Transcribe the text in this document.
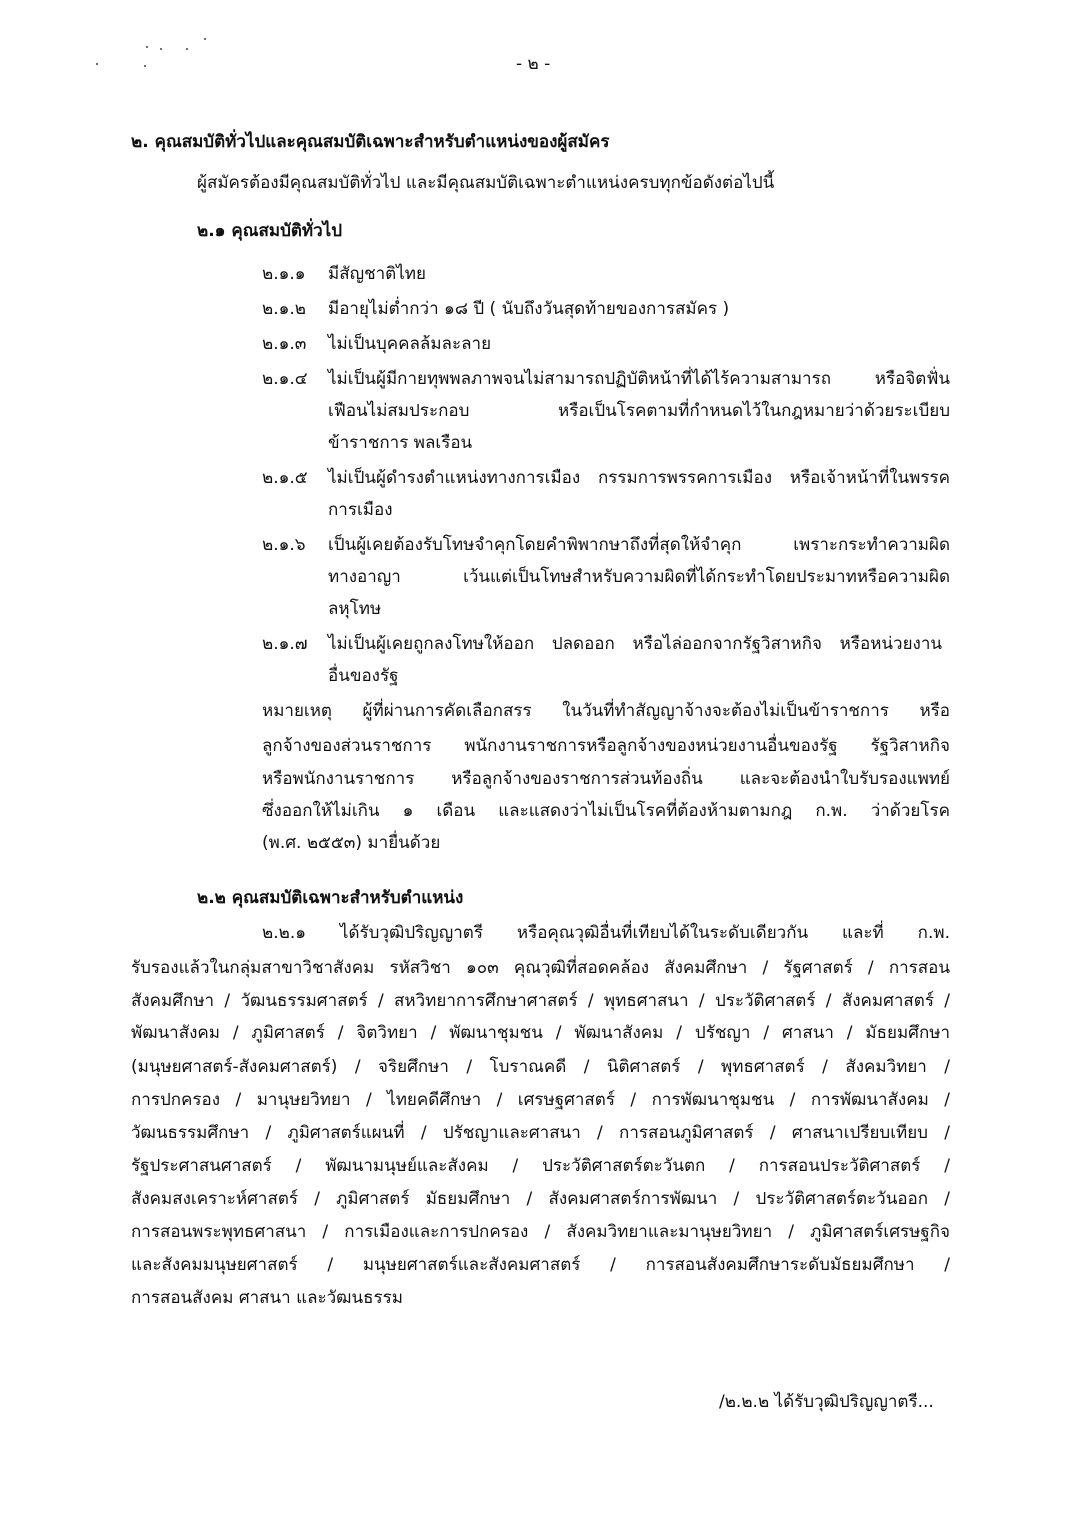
- ๒ -
๒. คุณสมบัติทั่วไปและคุณสมบัติเฉพาะสำหรับตำแหน่งของผู้สมัคร
ผู้สมัครต้องมีคุณสมบัติทั่วไป และมีคุณสมบัติเฉพาะตำแหน่งครบทุกข้อดังต่อไปนี้
๒.๑ คุณสมบัติทั่วไป
๒.๑.๑ มีสัญชาติไทย
๒.๑.๒ มีอายุไม่ต่ำกว่า ๑๘ ปี ( นับถึงวันสุดท้ายของการสมัคร )
๒.๑.๓ ไม่เป็นบุคคลล้มละลาย
๒.๑.๔ ไม่เป็นผู้มีกายทุพพลภาพจนไม่สามารถปฏิบัติหน้าที่ได้ไร้ความสามารถ หรือจิตฟั่น
เฟือนไม่สมประกอบ หรือเป็นโรคตามที่กำหนดไว้ในกฎหมายว่าด้วยระเบียบ
ข้าราชการ พลเรือน
๒.๑.๕ ไม่เป็นผู้ดำรงตำแหน่งทางการเมือง กรรมการพรรคการเมือง หรือเจ้าหน้าที่ในพรรค
การเมือง
๒.๑.๖ เป็นผู้เคยต้องรับโทษจำคุกโดยคำพิพากษาถึงที่สุดให้จำคุก เพราะกระทำความผิด
ทางอาญา เว้นแต่เป็นโทษสำหรับความผิดที่ได้กระทำโดยประมาทหรือความผิด
ลหุโทษ
๒.๑.๗ ไม่เป็นผู้เคยถูกลงโทษให้ออก ปลดออก หรือไล่ออกจากรัฐวิสาหกิจ หรือหน่วยงาน
อื่นของรัฐ
หมายเหตุ ผู้ที่ผ่านการคัดเลือกสรร ในวันที่ทำสัญญาจ้างจะต้องไม่เป็นข้าราชการ หรือ
ลูกจ้างของส่วนราชการ พนักงานราชการหรือลูกจ้างของหน่วยงานอื่นของรัฐ รัฐวิสาหกิจ
หรือพนักงานราชการ หรือลูกจ้างของราชการส่วนท้องถิ่น และจะต้องนำใบรับรองแพทย์
ซึ่งออกให้ไม่เกิน ๑ เดือน และแสดงว่าไม่เป็นโรคที่ต้องห้ามตามกฎ ก.พ. ว่าด้วยโรค
(พ.ศ. ๒๕๕๓) มายื่นด้วย
๒.๒ คุณสมบัติเฉพาะสำหรับตำแหน่ง
๒.๒.๑ ได้รับวุฒิปริญญาตรี หรือคุณวุฒิอื่นที่เทียบได้ในระดับเดียวกัน และที่ ก.พ.
รับรองแล้วในกลุ่มสาขาวิชาสังคม รหัสวิชา ๑๐๓ คุณวุฒิที่สอดคล้อง สังคมศึกษา / รัฐศาสตร์ / การสอน
สังคมศึกษา / วัฒนธรรมศาสตร์ / สหวิทยาการศึกษาศาสตร์ / พุทธศาสนา / ประวัติศาสตร์ / สังคมศาสตร์ /
พัฒนาสังคม / ภูมิศาสตร์ / จิตวิทยา / พัฒนาชุมชน / พัฒนาสังคม / ปรัชญา / ศาสนา / มัธยมศึกษา
(มนุษยศาสตร์-สังคมศาสตร์) / จริยศึกษา / โบราณคดี / นิติศาสตร์ / พุทธศาสตร์ / สังคมวิทยา /
การปกครอง / มานุษยวิทยา / ไทยคดีศึกษา / เศรษฐศาสตร์ / การพัฒนาชุมชน / การพัฒนาสังคม /
วัฒนธรรมศึกษา / ภูมิศาสตร์แผนที่ / ปรัชญาและศาสนา / การสอนภูมิศาสตร์ / ศาสนาเปรียบเทียบ /
รัฐประศาสนศาสตร์ / พัฒนามนุษย์และสังคม / ประวัติศาสตร์ตะวันตก / การสอนประวัติศาสตร์ /
สังคมสงเคราะห์ศาสตร์ / ภูมิศาสตร์ มัธยมศึกษา / สังคมศาสตร์การพัฒนา / ประวัติศาสตร์ตะวันออก /
การสอนพระพุทธศาสนา / การเมืองและการปกครอง / สังคมวิทยาและมานุษยวิทยา / ภูมิศาสตร์เศรษฐกิจ
และสังคมมนุษยศาสตร์ / มนุษยศาสตร์และสังคมศาสตร์ / การสอนสังคมศึกษาระดับมัธยมศึกษา /
การสอนสังคม ศาสนา และวัฒนธรรม
/๒.๒.๒ ได้รับวุฒิปริญญาตรี...
